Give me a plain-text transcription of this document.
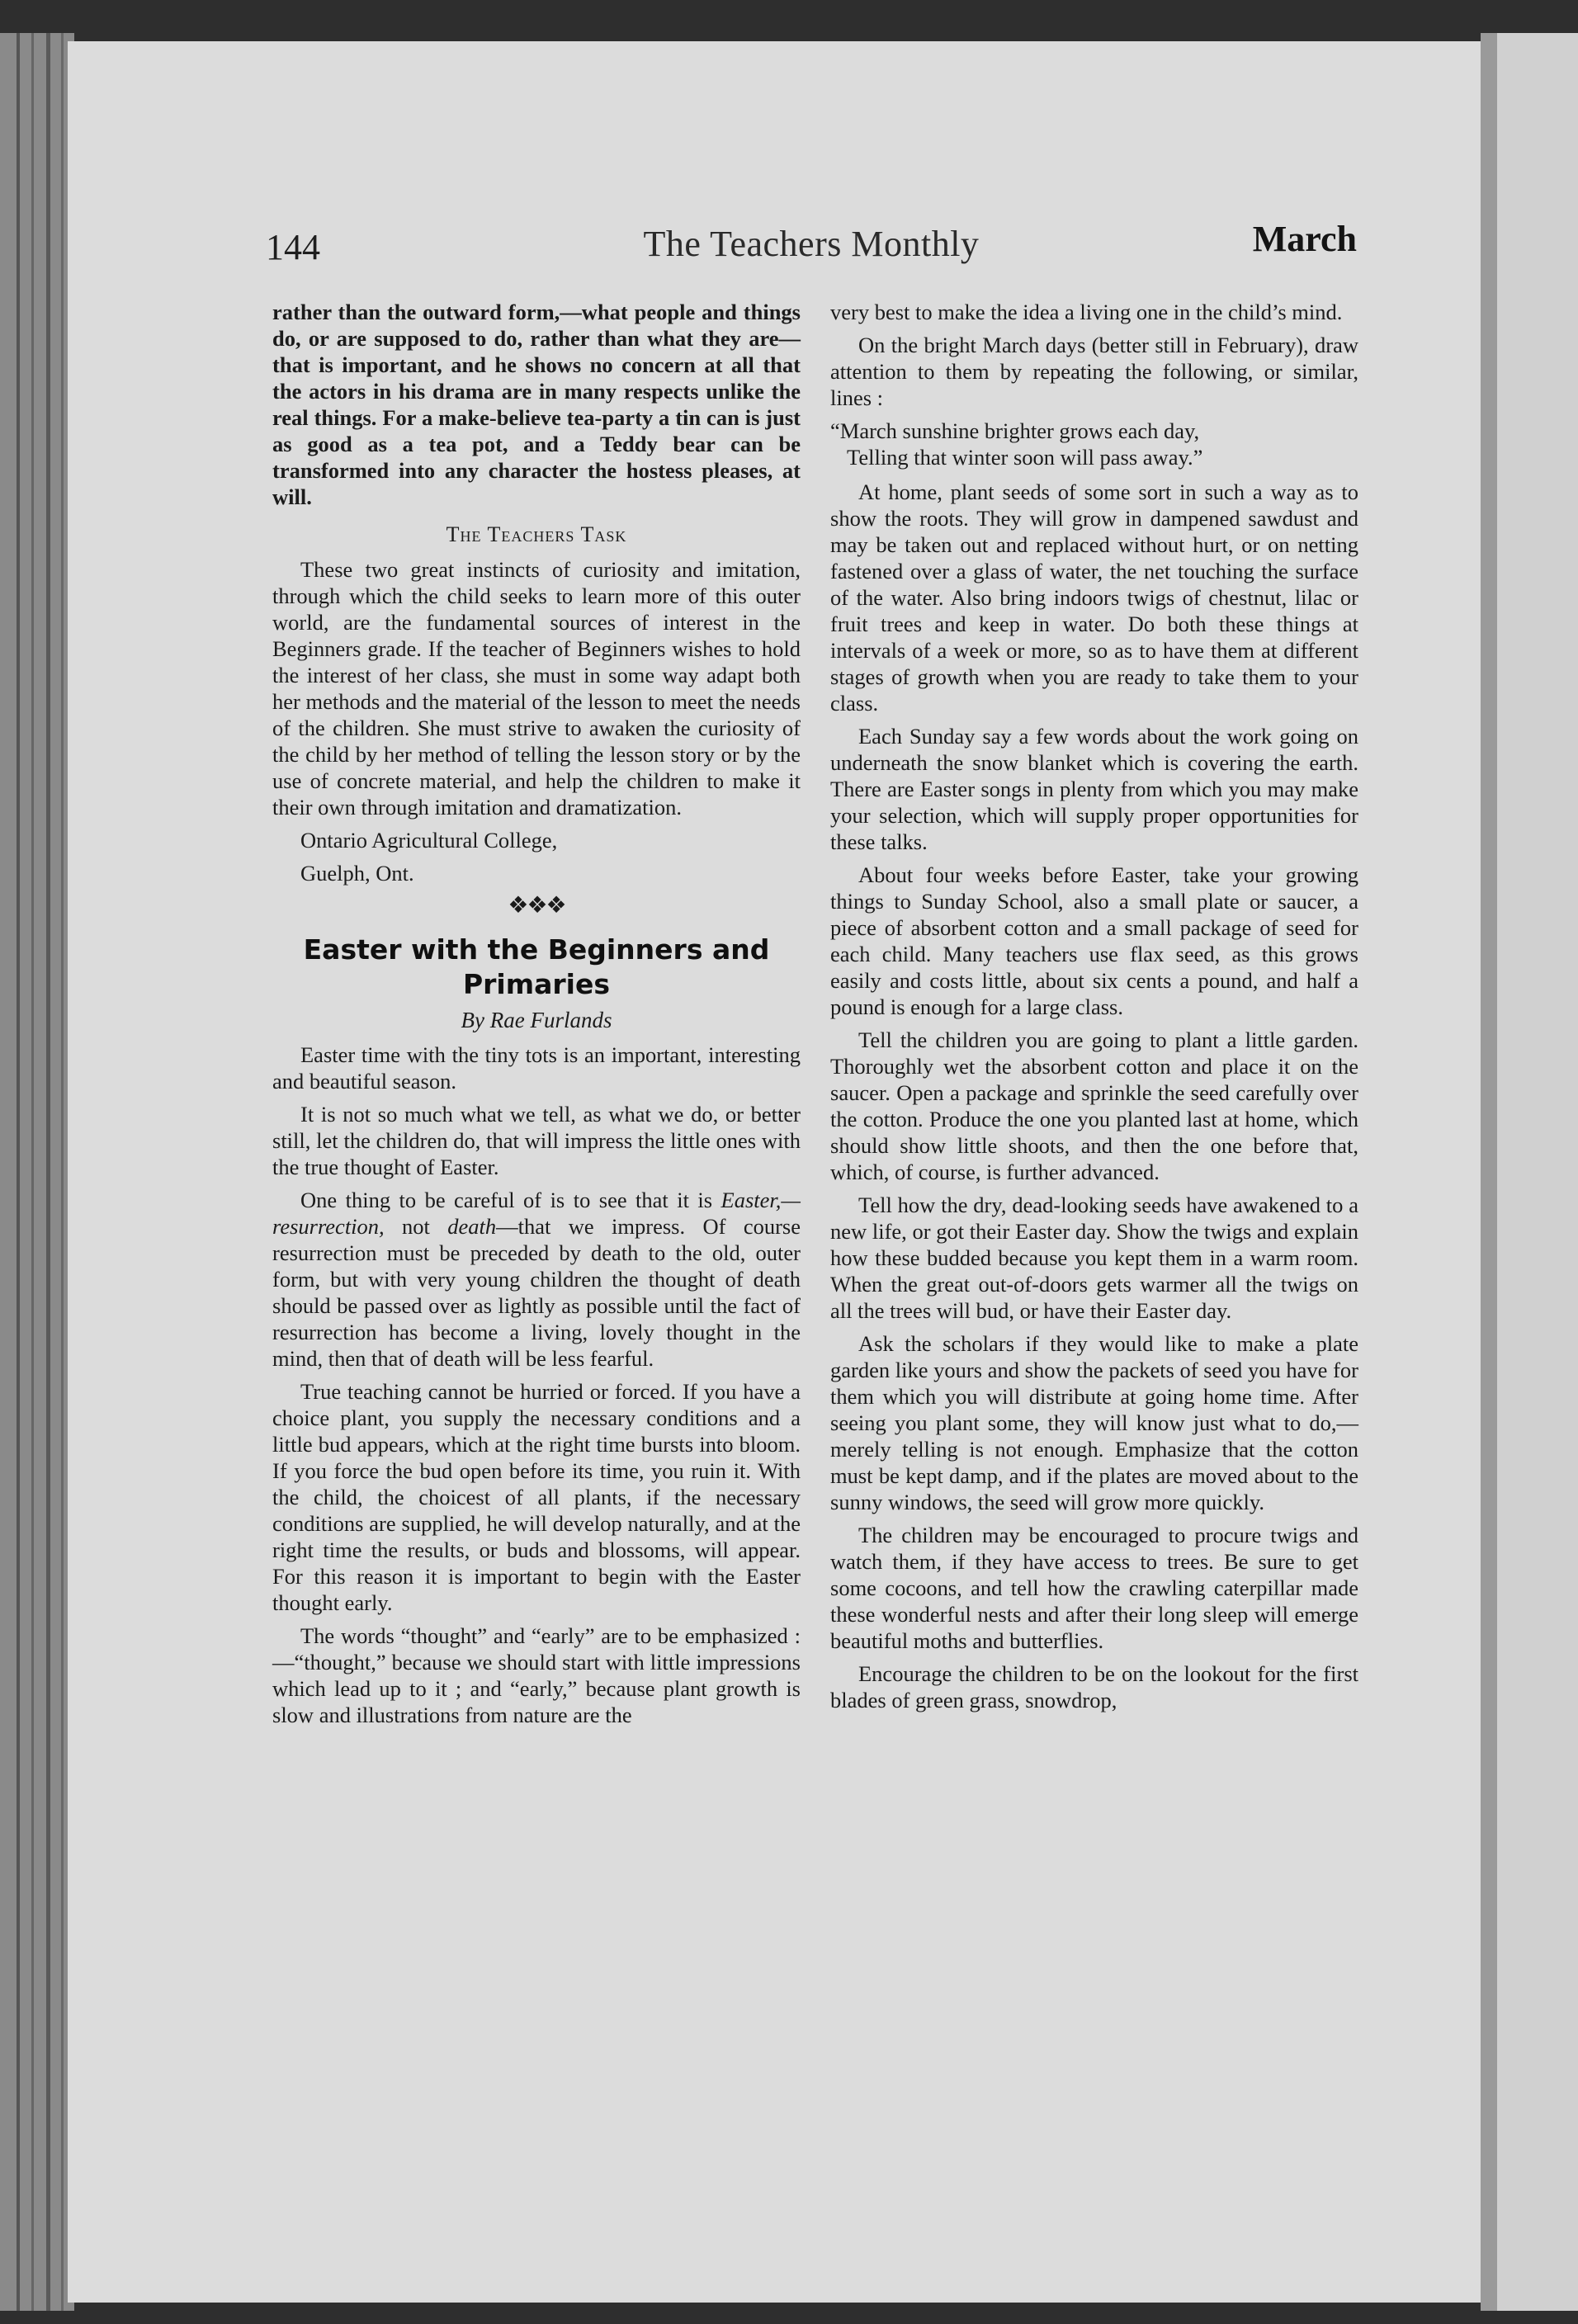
144	The Teachers Monthly	March

rather than the outward form,—what people and things do, or are supposed to do, rather than what they are—that is important, and he shows no concern at all that the actors in his drama are in many respects unlike the real things. For a make-believe tea-party a tin can is just as good as a tea pot, and a Teddy bear can be transformed into any character the hostess pleases, at will.

The Teachers Task

These two great instincts of curiosity and imitation, through which the child seeks to learn more of this outer world, are the fundamental sources of interest in the Beginners grade. If the teacher of Beginners wishes to hold the interest of her class, she must in some way adapt both her methods and the material of the lesson to meet the needs of the children. She must strive to awaken the curiosity of the child by her method of telling the lesson story or by the use of concrete material, and help the children to make it their own through imitation and dramatization.

Ontario Agricultural College,

Guelph, Ont.

❖❖❖
Easter with the Beginners and Primaries
By Rae Furlands

Easter time with the tiny tots is an important, interesting and beautiful season.

It is not so much what we tell, as what we do, or better still, let the children do, that will impress the little ones with the true thought of Easter.

One thing to be careful of is to see that it is Easter,—resurrection, not death—that we impress. Of course resurrection must be preceded by death to the old, outer form, but with very young children the thought of death should be passed over as lightly as possible until the fact of resurrection has become a living, lovely thought in the mind, then that of death will be less fearful.

True teaching cannot be hurried or forced. If you have a choice plant, you supply the necessary conditions and a little bud appears, which at the right time bursts into bloom. If you force the bud open before its time, you ruin it. With the child, the choicest of all plants, if the necessary conditions are supplied, he will develop naturally, and at the right time the results, or buds and blossoms, will appear. For this reason it is important to begin with the Easter thought early.

The words “thought” and “early” are to be emphasized :—“thought,” because we should start with little impressions which lead up to it ; and “early,” because plant growth is slow and illustrations from nature are the

very best to make the idea a living one in the child’s mind.

On the bright March days (better still in February), draw attention to them by repeating the following, or similar, lines :

“March sunshine brighter grows each day,
Telling that winter soon will pass away.”

At home, plant seeds of some sort in such a way as to show the roots. They will grow in dampened sawdust and may be taken out and replaced without hurt, or on netting fastened over a glass of water, the net touching the surface of the water. Also bring indoors twigs of chestnut, lilac or fruit trees and keep in water. Do both these things at intervals of a week or more, so as to have them at different stages of growth when you are ready to take them to your class.

Each Sunday say a few words about the work going on underneath the snow blanket which is covering the earth. There are Easter songs in plenty from which you may make your selection, which will supply proper opportunities for these talks.

About four weeks before Easter, take your growing things to Sunday School, also a small plate or saucer, a piece of absorbent cotton and a small package of seed for each child. Many teachers use flax seed, as this grows easily and costs little, about six cents a pound, and half a pound is enough for a large class.

Tell the children you are going to plant a little garden. Thoroughly wet the absorbent cotton and place it on the saucer. Open a package and sprinkle the seed carefully over the cotton. Produce the one you planted last at home, which should show little shoots, and then the one before that, which, of course, is further advanced.

Tell how the dry, dead-looking seeds have awakened to a new life, or got their Easter day. Show the twigs and explain how these budded because you kept them in a warm room. When the great out-of-doors gets warmer all the twigs on all the trees will bud, or have their Easter day.

Ask the scholars if they would like to make a plate garden like yours and show the packets of seed you have for them which you will distribute at going home time. After seeing you plant some, they will know just what to do,—merely telling is not enough. Emphasize that the cotton must be kept damp, and if the plates are moved about to the sunny windows, the seed will grow more quickly.

The children may be encouraged to procure twigs and watch them, if they have access to trees. Be sure to get some cocoons, and tell how the crawling caterpillar made these wonderful nests and after their long sleep will emerge beautiful moths and butterflies.

Encourage the children to be on the lookout for the first blades of green grass, snowdrop,
